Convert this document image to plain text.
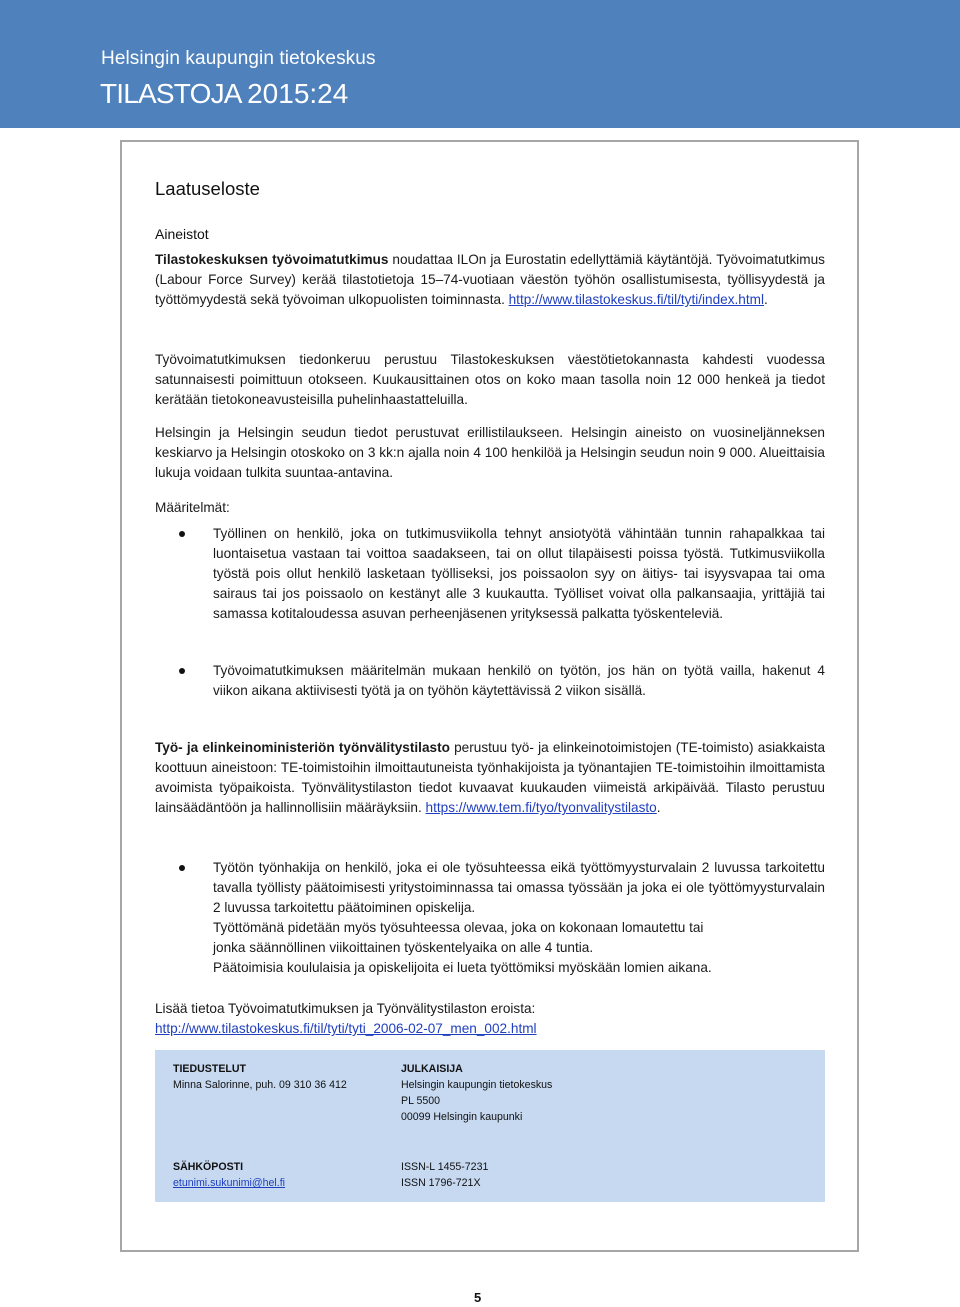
Helsingin kaupungin tietokeskus
TILASTOJA 2015:24
Laatuseloste
Aineistot
Tilastokeskuksen työvoimatutkimus noudattaa ILOn ja Eurostatin edellyttämiä käytäntöjä. Työvoimatutkimus (Labour Force Survey) kerää tilastotietoja 15–74-vuotiaan väestön työhön osallistumisesta, työllisyydestä ja työttömyydestä sekä työvoiman ulkopuolisten toiminnasta. http://www.tilastokeskus.fi/til/tyti/index.html.
Työvoimatutkimuksen tiedonkeruu perustuu Tilastokeskuksen väestötietokannasta kahdesti vuodessa satunnaisesti poimittuun otokseen. Kuukausittainen otos on koko maan tasolla noin 12 000 henkeä ja tiedot kerätään tietokoneavusteisilla puhelinhaastatteluilla.
Helsingin ja Helsingin seudun tiedot perustuvat erillistilaukseen. Helsingin aineisto on vuosineljänneksen keskiarvo ja Helsingin otoskoko on 3 kk:n ajalla noin 4 100 henkilöä ja Helsingin seudun noin 9 000. Alueittaisia lukuja voidaan tulkita suuntaa-antavina.
Määritelmät:
Työllinen on henkilö, joka on tutkimusviikolla tehnyt ansiotyötä vähintään tunnin rahapalkkaa tai luontaisetua vastaan tai voittoa saadakseen, tai on ollut tilapäisesti poissa työstä. Tutkimusviikolla työstä pois ollut henkilö lasketaan työlliseksi, jos poissaolon syy on äitiys- tai isyysvapaa tai oma sairaus tai jos poissaolo on kestänyt alle 3 kuukautta. Työlliset voivat olla palkansaajia, yrittäjiä tai samassa kotitaloudessa asuvan perheenjäsenen yrityksessä palkatta työskenteleviä.
Työvoimatutkimuksen määritelmän mukaan henkilö on työtön, jos hän on työtä vailla, hakenut 4 viikon aikana aktiivisesti työtä ja on työhön käytettävissä 2 viikon sisällä.
Työ- ja elinkeinoministeriön työnvälitystilasto perustuu työ- ja elinkeinotoimistojen (TE-toimisto) asiakkaista koottuun aineistoon: TE-toimistoihin ilmoittautuneista työnhakijoista ja työnantajien TE-toimistoihin ilmoittamista avoimista työpaikoista. Työnvälitystilaston tiedot kuvaavat kuukauden viimeistä arkipäivää. Tilasto perustuu lainsäädäntöön ja hallinnollisiin määräyksiin. https://www.tem.fi/tyo/tyonvalitystilasto.
Työtön työnhakija on henkilö, joka ei ole työsuhteessa eikä työttömyysturvalain 2 luvussa tarkoitettu tavalla työllisty päätoimisesti yritystoiminnassa tai omassa työssään ja joka ei ole työttömyysturvalain 2 luvussa tarkoitettu päätoiminen opiskelija.
Työttömänä pidetään myös työsuhteessa olevaa, joka on kokonaan lomautettu tai
jonka säännöllinen viikoittainen työskentelyaika on alle 4 tuntia.
Päätoimisia koululaisia ja opiskelijoita ei lueta työttömiksi myöskään lomien aikana.
Lisää tietoa Työvoimatutkimuksen ja Työnvälitystilaston eroista:
http://www.tilastokeskus.fi/til/tyti/tyti_2006-02-07_men_002.html
TIEDUSTELUT
Minna Salorinne, puh. 09 310 36 412
JULKAISIJA
Helsingin kaupungin tietokeskus
PL 5500
00099 Helsingin kaupunki
SÄHKÖPOSTI
etunimi.sukunimi@hel.fi
ISSN-L 1455-7231
ISSN 1796-721X
5
